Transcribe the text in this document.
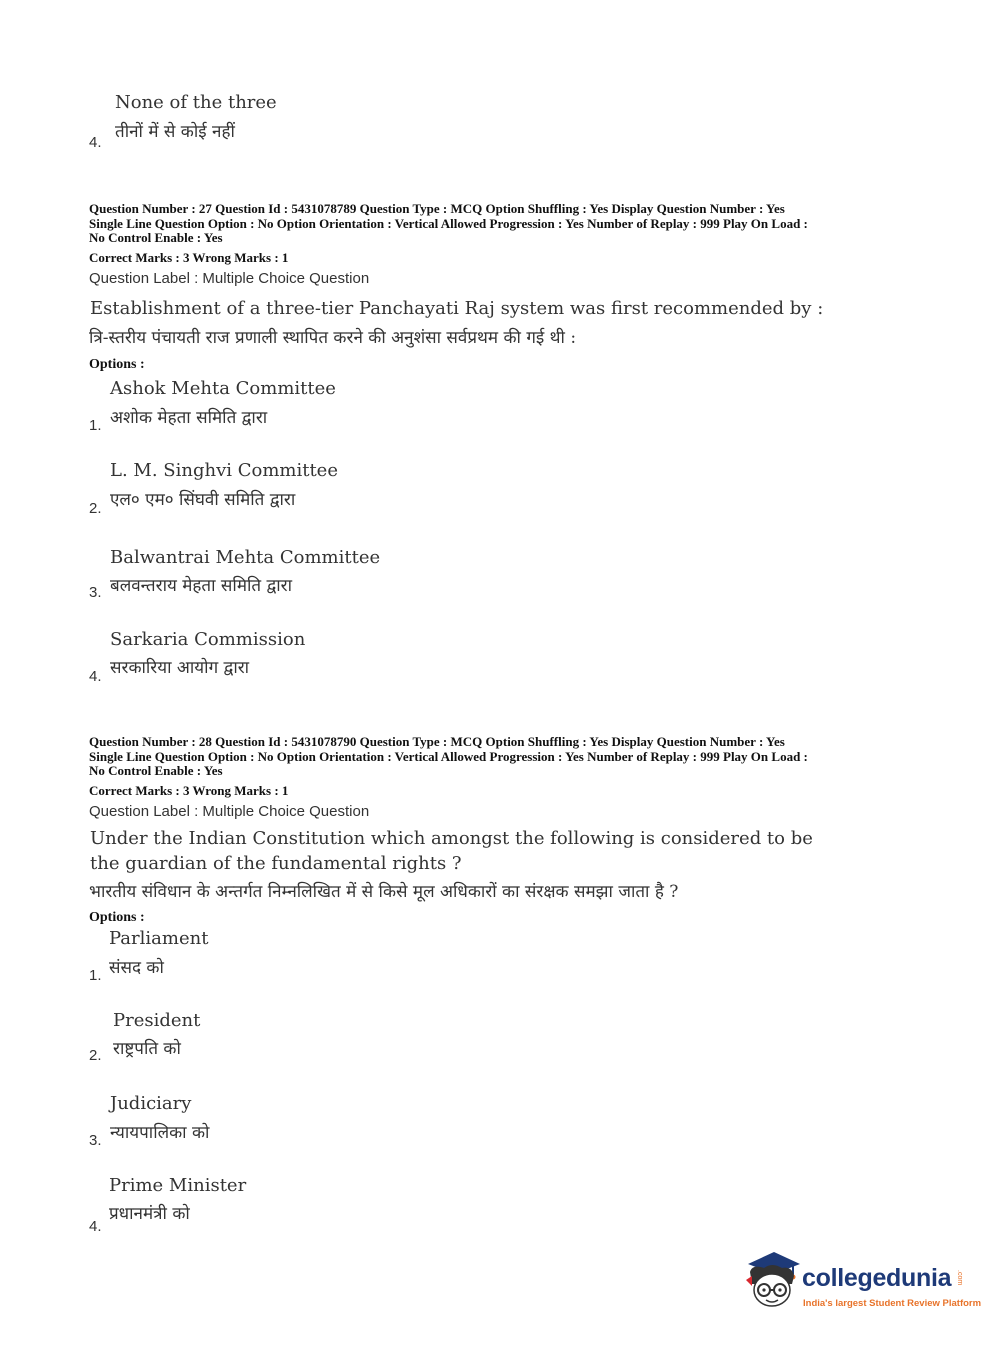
None of the three
तीनों में से कोई नहीं
4.
Question Number : 27 Question Id : 5431078789 Question Type : MCQ Option Shuffling : Yes Display Question Number : Yes
Single Line Question Option : No Option Orientation : Vertical Allowed Progression : Yes Number of Replay : 999 Play On Load :
No Control Enable : Yes
Correct Marks : 3 Wrong Marks : 1
Question Label : Multiple Choice Question
Establishment of a three-tier Panchayati Raj system was first recommended by :
त्रि-स्तरीय पंचायती राज प्रणाली स्थापित करने की अनुशंसा सर्वप्रथम की गई थी :
Options :
Ashok Mehta Committee
अशोक मेहता समिति द्वारा
1.
L. M. Singhvi Committee
एल० एम० सिंघवी समिति द्वारा
2.
Balwantrai Mehta Committee
बलवन्तराय मेहता समिति द्वारा
3.
Sarkaria Commission
सरकारिया आयोग द्वारा
4.
Question Number : 28 Question Id : 5431078790 Question Type : MCQ Option Shuffling : Yes Display Question Number : Yes
Single Line Question Option : No Option Orientation : Vertical Allowed Progression : Yes Number of Replay : 999 Play On Load :
No Control Enable : Yes
Correct Marks : 3 Wrong Marks : 1
Question Label : Multiple Choice Question
Under the Indian Constitution which amongst the following is considered to be
the guardian of the fundamental rights ?
भारतीय संविधान के अन्तर्गत निम्नलिखित में से किसे मूल अधिकारों का संरक्षक समझा जाता है ?
Options :
Parliament
संसद को
1.
President
राष्ट्रपति को
2.
Judiciary
न्यायपालिका को
3.
Prime Minister
प्रधानमंत्री को
4.
collegedunia .com
India's largest Student Review Platform
